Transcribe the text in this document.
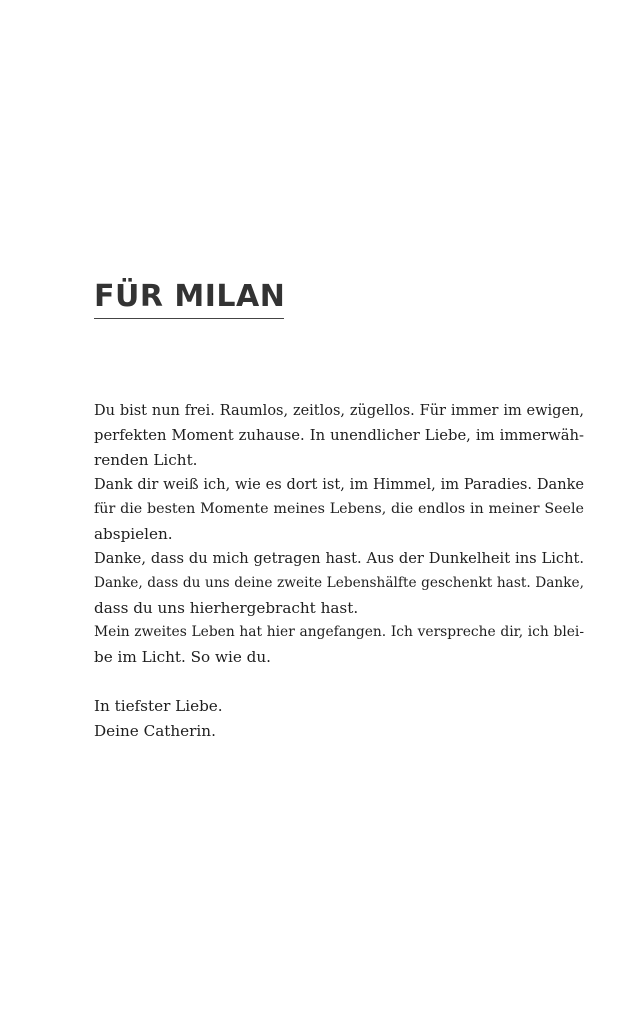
FÜR MILAN
Du bist nun frei. Raumlos, zeitlos, zügellos. Für immer im ewigen,
perfekten Moment zuhause. In unendlicher Liebe, im immerwäh-
renden Licht.
Dank dir weiß ich, wie es dort ist, im Himmel, im Paradies. Danke
für die besten Momente meines Lebens, die endlos in meiner Seele
abspielen.
Danke, dass du mich getragen hast. Aus der Dunkelheit ins Licht.
Danke, dass du uns deine zweite Lebenshälfte geschenkt hast. Danke,
dass du uns hierhergebracht hast.
Mein zweites Leben hat hier angefangen. Ich verspreche dir, ich blei-
be im Licht. So wie du.
In tiefster Liebe.
Deine Catherin.
